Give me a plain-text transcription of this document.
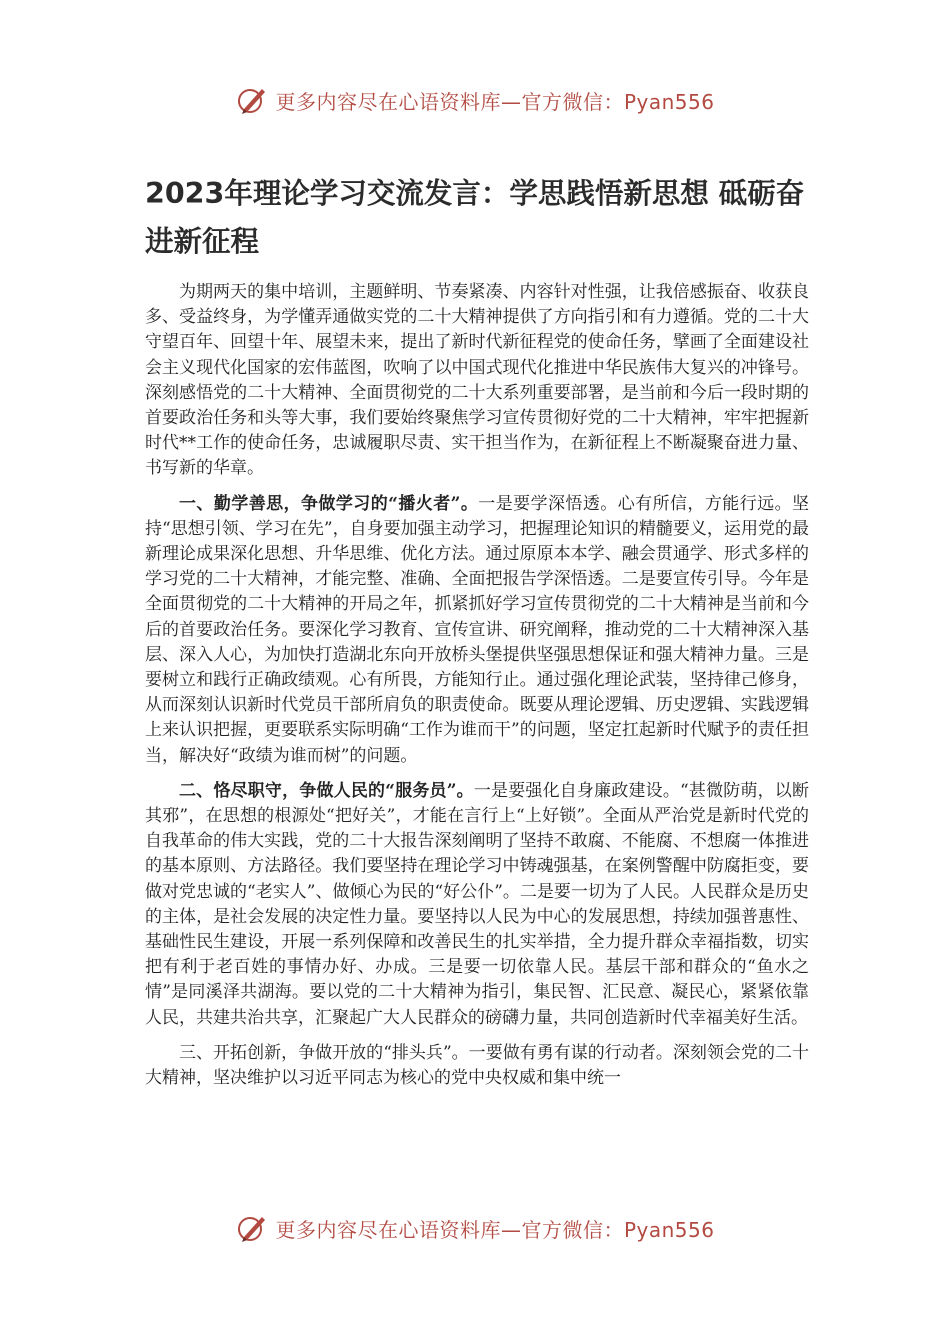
更多内容尽在心语资料库—官方微信：Pyan556
2023年理论学习交流发言：学思践悟新思想 砥砺奋进新征程

为期两天的集中培训，主题鲜明、节奏紧凑、内容针对性强，让我倍感振奋、收获良多、受益终身，为学懂弄通做实党的二十大精神提供了方向指引和有力遵循。党的二十大守望百年、回望十年、展望未来，提出了新时代新征程党的使命任务，擘画了全面建设社会主义现代化国家的宏伟蓝图，吹响了以中国式现代化推进中华民族伟大复兴的冲锋号。深刻感悟党的二十大精神、全面贯彻党的二十大系列重要部署，是当前和今后一段时期的首要政治任务和头等大事，我们要始终聚焦学习宣传贯彻好党的二十大精神，牢牢把握新时代**工作的使命任务，忠诚履职尽责、实干担当作为，在新征程上不断凝聚奋进力量、书写新的华章。

一、勤学善思，争做学习的“播火者”。一是要学深悟透。心有所信，方能行远。坚持“思想引领、学习在先”，自身要加强主动学习，把握理论知识的精髓要义，运用党的最新理论成果深化思想、升华思维、优化方法。通过原原本本学、融会贯通学、形式多样的学习党的二十大精神，才能完整、准确、全面把报告学深悟透。二是要宣传引导。今年是全面贯彻党的二十大精神的开局之年，抓紧抓好学习宣传贯彻党的二十大精神是当前和今后的首要政治任务。要深化学习教育、宣传宣讲、研究阐释，推动党的二十大精神深入基层、深入人心，为加快打造湖北东向开放桥头堡提供坚强思想保证和强大精神力量。三是要树立和践行正确政绩观。心有所畏，方能知行止。通过强化理论武装，坚持律己修身，从而深刻认识新时代党员干部所肩负的职责使命。既要从理论逻辑、历史逻辑、实践逻辑上来认识把握，更要联系实际明确“工作为谁而干”的问题，坚定扛起新时代赋予的责任担当，解决好“政绩为谁而树”的问题。

二、恪尽职守，争做人民的“服务员”。一是要强化自身廉政建设。“甚微防萌，以断其邪”，在思想的根源处“把好关”，才能在言行上“上好锁”。全面从严治党是新时代党的自我革命的伟大实践，党的二十大报告深刻阐明了坚持不敢腐、不能腐、不想腐一体推进的基本原则、方法路径。我们要坚持在理论学习中铸魂强基，在案例警醒中防腐拒变，要做对党忠诚的“老实人”、做倾心为民的“好公仆”。二是要一切为了人民。人民群众是历史的主体，是社会发展的决定性力量。要坚持以人民为中心的发展思想，持续加强普惠性、基础性民生建设，开展一系列保障和改善民生的扎实举措，全力提升群众幸福指数，切实把有利于老百姓的事情办好、办成。三是要一切依靠人民。基层干部和群众的“鱼水之情”是同溪泽共湖海。要以党的二十大精神为指引，集民智、汇民意、凝民心，紧紧依靠人民，共建共治共享，汇聚起广大人民群众的磅礴力量，共同创造新时代幸福美好生活。

三、开拓创新，争做开放的“排头兵”。一要做有勇有谋的行动者。深刻领会党的二十大精神，坚决维护以习近平同志为核心的党中央权威和集中统一

更多内容尽在心语资料库—官方微信：Pyan556
